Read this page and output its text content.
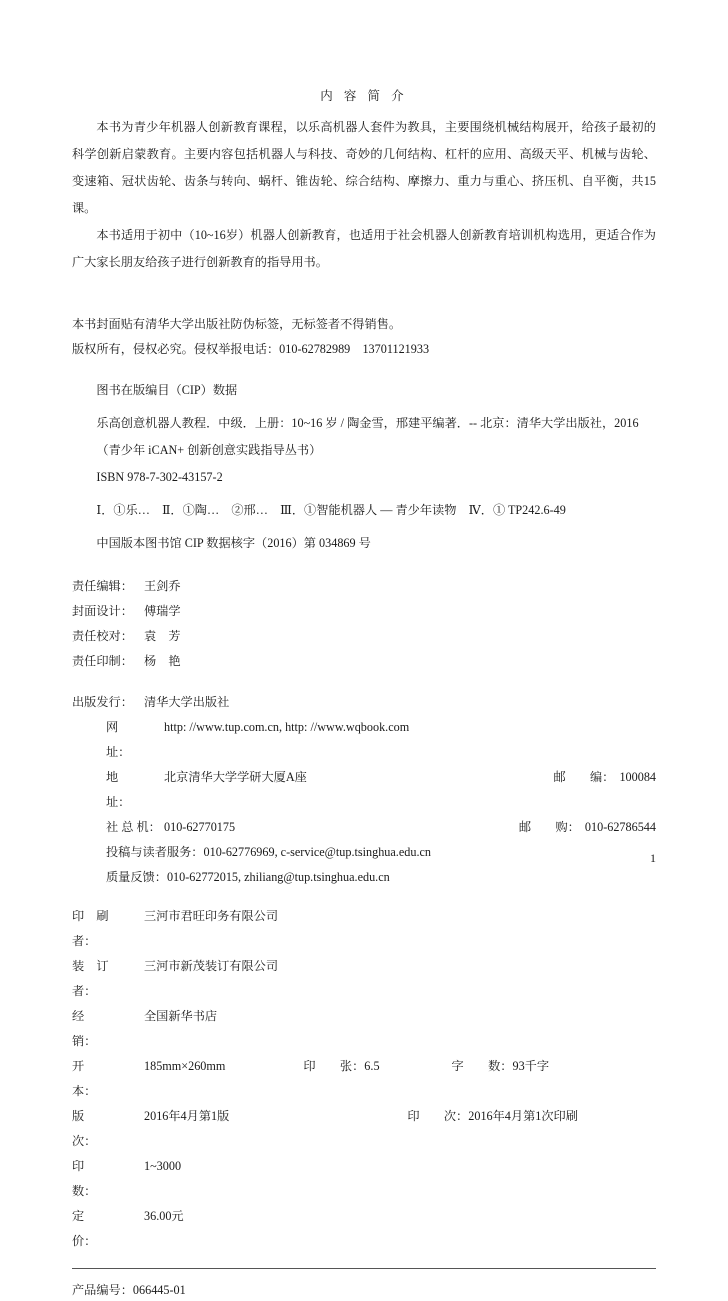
内 容 简 介

本书为青少年机器人创新教育课程，以乐高机器人套件为教具，主要围绕机械结构展开，给孩子最初的科学创新启蒙教育。主要内容包括机器人与科技、奇妙的几何结构、杠杆的应用、高级天平、机械与齿轮、变速箱、冠状齿轮、齿条与转向、蜗杆、锥齿轮、综合结构、摩擦力、重力与重心、挤压机、自平衡，共15课。

本书适用于初中（10~16岁）机器人创新教育，也适用于社会机器人创新教育培训机构选用，更适合作为广大家长朋友给孩子进行创新教育的指导用书。

本书封面贴有清华大学出版社防伪标签，无标签者不得销售。
版权所有，侵权必究。侵权举报电话：010-62782989　13701121933
图书在版编目（CIP）数据
乐高创意机器人教程．中级．上册：10~16 岁 / 陶金雪，邢建平编著．-- 北京：清华大学出版社，2016
（青少年 iCAN+ 创新创意实践指导丛书）
ISBN 978-7-302-43157-2
Ⅰ．①乐…　Ⅱ．①陶…　②邢…　Ⅲ．①智能机器人 — 青少年读物　Ⅳ．① TP242.6-49
中国版本图书馆 CIP 数据核字（2016）第 034869 号
责任编辑： 王剑乔
封面设计： 傅瑞学
责任校对： 袁　芳
责任印制： 杨　艳
出版发行： 清华大学出版社
网　　址：
http: //www.tup.com.cn, http: //www.wqbook.com
地　　址：
北京清华大学学研大厦A座	邮　　编： 100084
社 总 机： 010-62770175	邮　　购： 010-62786544
投稿与读者服务： 010-62776969, c-service@tup.tsinghua.edu.cn
质量反馈： 010-62772015, zhiliang@tup.tsinghua.edu.cn
印　刷　者：
三河市君旺印务有限公司
装　订　者：
三河市新茂装订有限公司
经　　　销：
全国新华书店
开　　　本：
185mm×260mm	印　　张： 6.5	字　　数： 93千字
版　　　次：
2016年4月第1版	印　　次： 2016年4月第1次印刷
印　　　数：
1~3000
定　　　价：
36.00元
产品编号：066445-01
1
